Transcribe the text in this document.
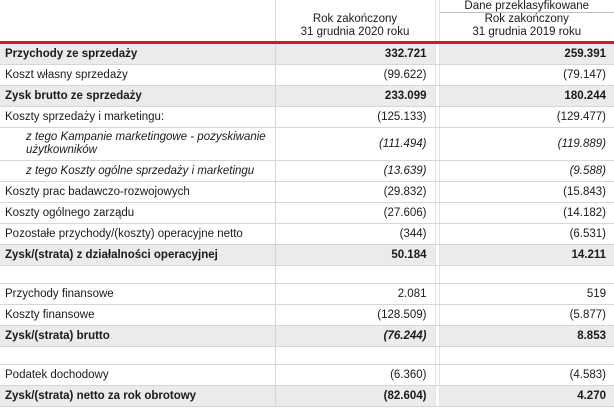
			Dane przeklasyfikowane

	Rok zakończony
31 grudnia 2020 roku		Rok zakończony
31 grudnia 2019 roku

Przychody ze sprzedaży	332.721		259.391
Koszt własny sprzedaży	(99.622)		(79.147)
Zysk brutto ze sprzedaży	233.099		180.244
Koszty sprzedaży i marketingu:	(125.133)		(129.477)
z tego Kampanie marketingowe - pozyskiwanie użytkowników	(111.494)		(119.889)
z tego Koszty ogólne sprzedaży i marketingu	(13.639)		(9.588)
Koszty prac badawczo-rozwojowych	(29.832)		(15.843)
Koszty ogólnego zarządu	(27.606)		(14.182)
Pozostałe przychody/(koszty) operacyjne netto	(344)		(6.531)
Zysk/(strata) z działalności operacyjnej	50.184		14.211

Przychody finansowe	2.081		519
Koszty finansowe	(128.509)		(5.877)
Zysk/(strata) brutto	(76.244)		8.853

Podatek dochodowy	(6.360)		(4.583)
Zysk/(strata) netto za rok obrotowy	(82.604)		4.270
